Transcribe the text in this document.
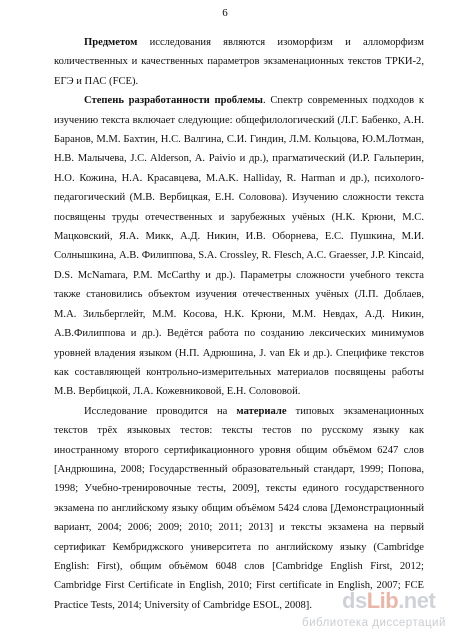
6

Предметом исследования являются изоморфизм и алломорфизм количественных и качественных параметров экзаменационных текстов ТРКИ-2, ЕГЭ и ПАС (FCE).

Степень разработанности проблемы. Спектр современных подходов к изучению текста включает следующие: общефилологический (Л.Г. Бабенко, А.Н. Баранов, М.М. Бахтин, Н.С. Валгина, С.И. Гиндин, Л.М. Кольцова, Ю.М.Лотман, Н.В. Малычева, J.C. Alderson, A. Paivio и др.), прагматический (И.Р. Гальперин, Н.О. Кожина, Н.А. Красавцева, M.A.K. Halliday, R. Harman и др.), психолого-педагогический (М.В. Вербицкая, Е.Н. Соловова). Изучению сложности текста посвящены труды отечественных и зарубежных учёных (Н.К. Крюни, М.С. Мацковский, Я.А. Микк, А.Д. Никин, И.В. Оборнева, Е.С. Пушкина, М.И. Солнышкина, А.В. Филиппова, S.A. Crossley, R. Flesch, A.C. Graesser, J.P. Kincaid, D.S. McNamara, P.M. McCarthy и др.). Параметры сложности учебного текста также становились объектом изучения отечественных учёных (Л.П. Доблаев, М.А. Зильберглейт, М.М. Косова, Н.К. Крюни, М.М. Невдах, А.Д. Никин, А.В.Филиппова и др.). Ведётся работа по созданию лексических минимумов уровней владения языком (Н.П. Адрюшина, J. van Ek и др.). Специфике текстов как составляющей контрольно-измерительных материалов посвящены работы М.В. Вербицкой, Л.А. Кожевниковой, Е.Н. Солововой.

Исследование проводится на материале типовых экзаменационных текстов трёх языковых тестов: тексты тестов по русскому языку как иностранному второго сертификационного уровня общим объёмом 6247 слов [Андрюшина, 2008; Государственный образовательный стандарт, 1999; Попова, 1998; Учебно-тренировочные тесты, 2009], тексты единого государственного экзамена по английскому языку общим объёмом 5424 слова [Демонстрационный вариант, 2004; 2006; 2009; 2010; 2011; 2013] и тексты экзамена на первый сертификат Кембриджского университета по английскому языку (Cambridge English: First), общим объёмом 6048 слов [Cambridge English First, 2012; Cambridge First Certificate in English, 2010; First certificate in English, 2007; FCE Practice Tests, 2014; University of Cambridge ESOL, 2008].	dsLib.net
библиотека диссертаций
